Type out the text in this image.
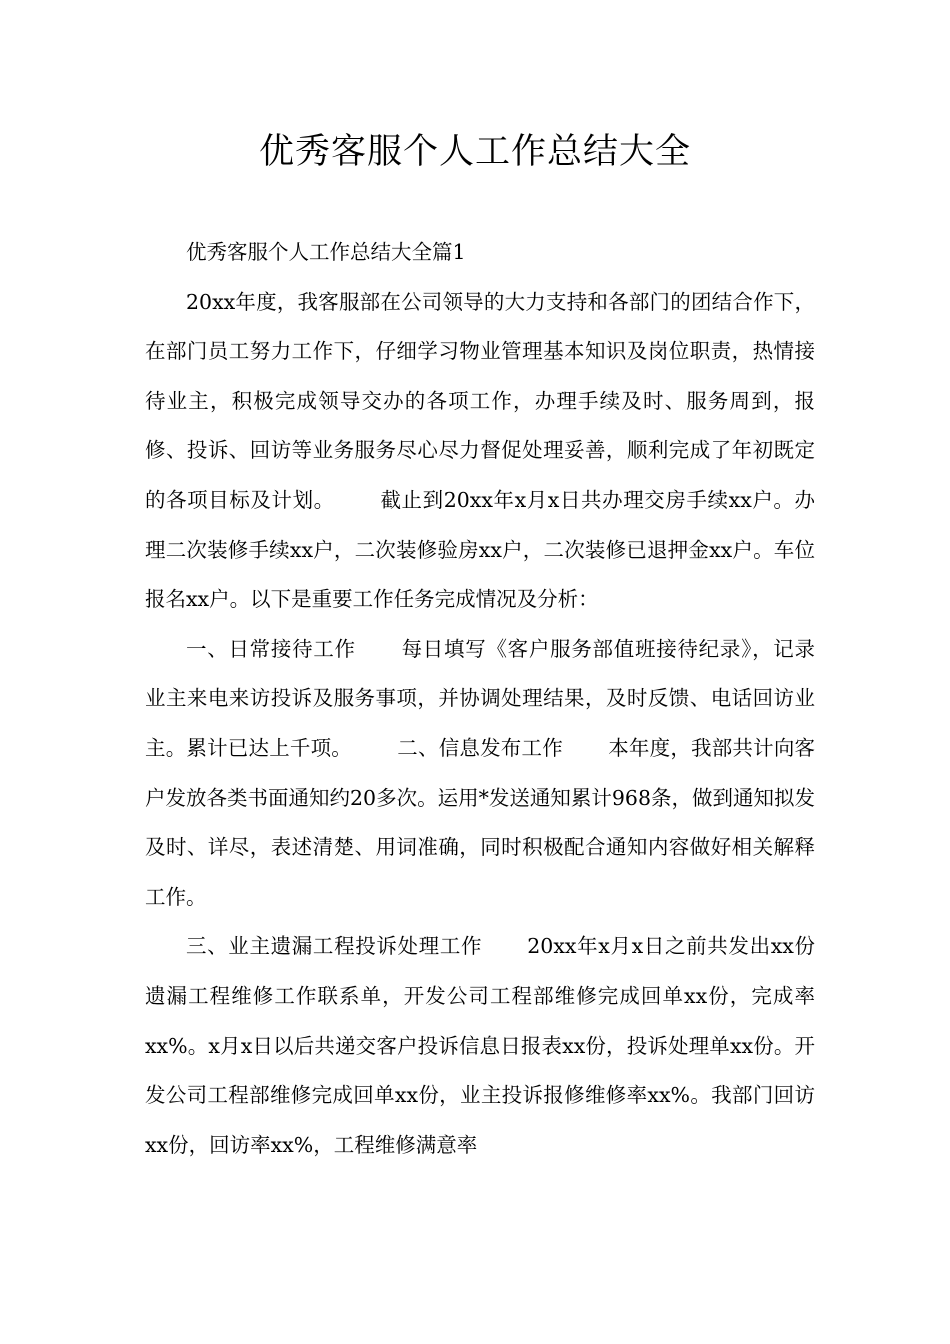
优秀客服个人工作总结大全

优秀客服个人工作总结大全篇1

20xx年度，我客服部在公司领导的大力支持和各部门的团结合作下，在部门员工努力工作下，仔细学习物业管理基本知识及岗位职责，热情接待业主，积极完成领导交办的各项工作，办理手续及时、服务周到，报修、投诉、回访等业务服务尽心尽力督促处理妥善，顺利完成了年初既定的各项目标及计划。 截止到20xx年x月x日共办理交房手续xx户。办理二次装修手续xx户，二次装修验房xx户，二次装修已退押金xx户。车位报名xx户。以下是重要工作任务完成情况及分析：

一、日常接待工作 每日填写《客户服务部值班接待纪录》，记录业主来电来访投诉及服务事项，并协调处理结果，及时反馈、电话回访业主。累计已达上千项。 二、信息发布工作 本年度，我部共计向客户发放各类书面通知约20多次。运用*发送通知累计968条，做到通知拟发及时、详尽，表述清楚、用词准确，同时积极配合通知内容做好相关解释工作。

三、业主遗漏工程投诉处理工作 20xx年x月x日之前共发出xx份遗漏工程维修工作联系单，开发公司工程部维修完成回单xx份，完成率xx%。x月x日以后共递交客户投诉信息日报表xx份，投诉处理单xx份。开发公司工程部维修完成回单xx份，业主投诉报修维修率xx%。我部门回访xx份，回访率xx%，工程维修满意率
